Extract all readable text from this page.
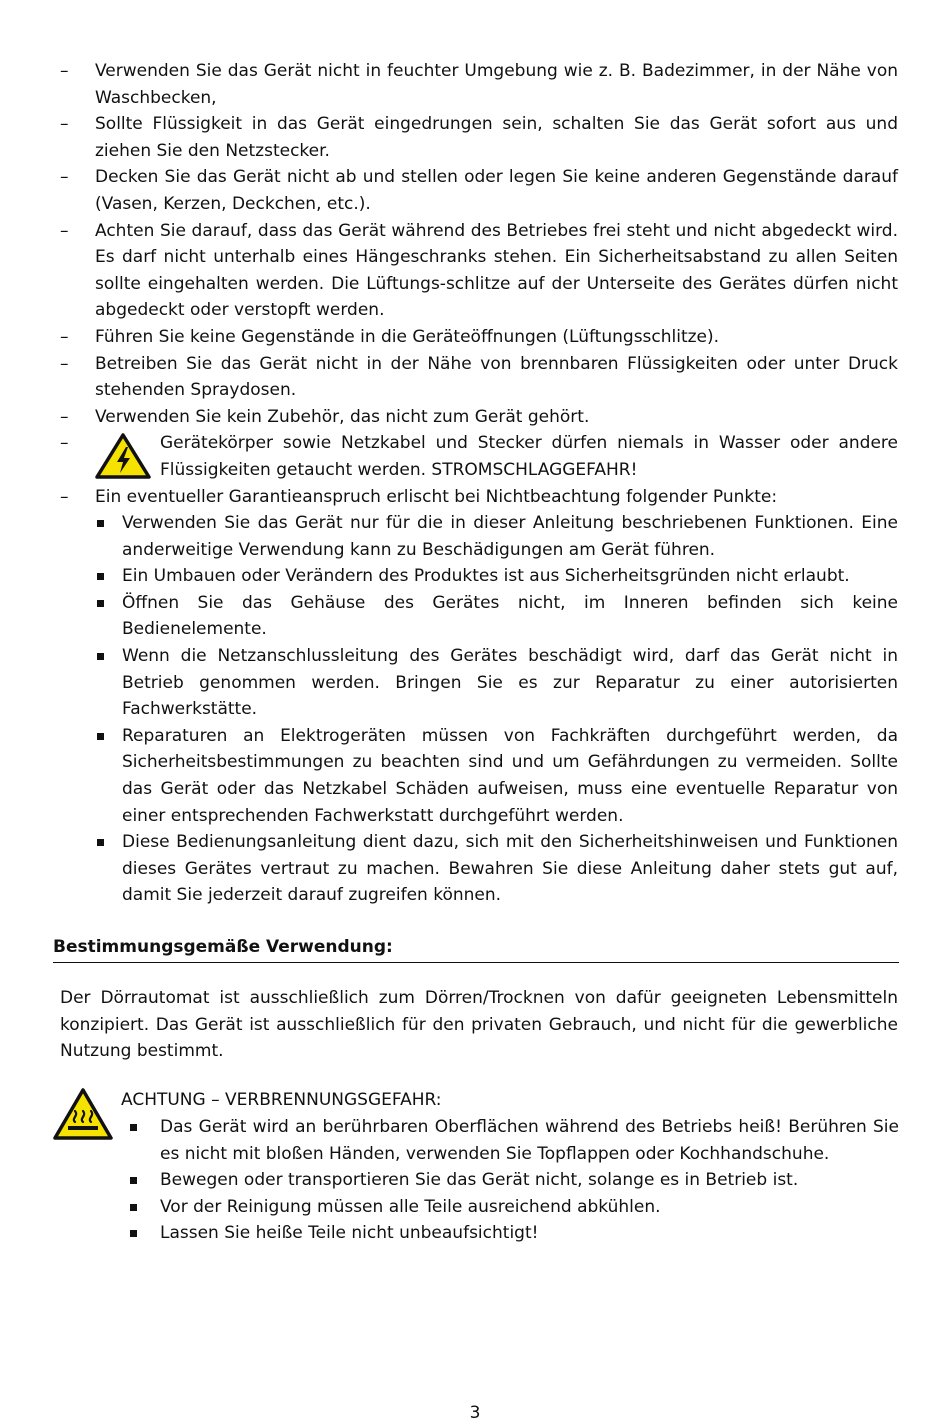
– Verwenden Sie das Gerät nicht in feuchter Umgebung wie z. B. Badezimmer, in der Nähe von Waschbecken,
– Sollte Flüssigkeit in das Gerät eingedrungen sein, schalten Sie das Gerät sofort aus und ziehen Sie den Netzstecker.
– Decken Sie das Gerät nicht ab und stellen oder legen Sie keine anderen Gegenstände darauf (Vasen, Kerzen, Deckchen, etc.).
– Achten Sie darauf, dass das Gerät während des Betriebes frei steht und nicht abgedeckt wird. Es darf nicht unterhalb eines Hängeschranks stehen. Ein Sicherheitsabstand zu allen Seiten sollte eingehalten werden. Die Lüftungs-schlitze auf der Unterseite des Gerätes dürfen nicht abgedeckt oder verstopft werden.
– Führen Sie keine Gegenstände in die Geräteöffnungen (Lüftungsschlitze).
– Betreiben Sie das Gerät nicht in der Nähe von brennbaren Flüssigkeiten oder unter Druck stehenden Spraydosen.
– Verwenden Sie kein Zubehör, das nicht zum Gerät gehört.
–	Gerätekörper sowie Netzkabel und Stecker dürfen niemals in Wasser oder andere Flüssigkeiten getaucht werden. STROMSCHLAGGEFAHR!
– Ein eventueller Garantieanspruch erlischt bei Nichtbeachtung folgender Punkte:
Verwenden Sie das Gerät nur für die in dieser Anleitung beschriebenen Funktionen. Eine anderweitige Verwendung kann zu Beschädigungen am Gerät führen.
Ein Umbauen oder Verändern des Produktes ist aus Sicherheitsgründen nicht erlaubt.
Öffnen Sie das Gehäuse des Gerätes nicht, im Inneren befinden sich keine Bedienelemente.
Wenn die Netzanschlussleitung des Gerätes beschädigt wird, darf das Gerät nicht in Betrieb genommen werden. Bringen Sie es zur Reparatur zu einer autorisierten Fachwerkstätte.
Reparaturen an Elektrogeräten müssen von Fachkräften durchgeführt werden, da Sicherheitsbestimmungen zu beachten sind und um Gefährdungen zu vermeiden. Sollte das Gerät oder das Netzkabel Schäden aufweisen, muss eine eventuelle Reparatur von einer entsprechenden Fachwerkstatt durchgeführt werden.
Diese Bedienungsanleitung dient dazu, sich mit den Sicherheitshinweisen und Funktionen dieses Gerätes vertraut zu machen. Bewahren Sie diese Anleitung daher stets gut auf, damit Sie jederzeit darauf zugreifen können.
Bestimmungsgemäße Verwendung:

Der Dörrautomat ist ausschließlich zum Dörren/Trocknen von dafür geeigneten Lebensmitteln konzipiert. Das Gerät ist ausschließlich für den privaten Gebrauch, und nicht für die gewerbliche Nutzung bestimmt.

ACHTUNG – VERBRENNUNGSGEFAHR:
Das Gerät wird an berührbaren Oberflächen während des Betriebs heiß! Berühren Sie es nicht mit bloßen Händen, verwenden Sie Topflappen oder Kochhandschuhe.
Bewegen oder transportieren Sie das Gerät nicht, solange es in Betrieb ist.
Vor der Reinigung müssen alle Teile ausreichend abkühlen.
Lassen Sie heiße Teile nicht unbeaufsichtigt!
3
